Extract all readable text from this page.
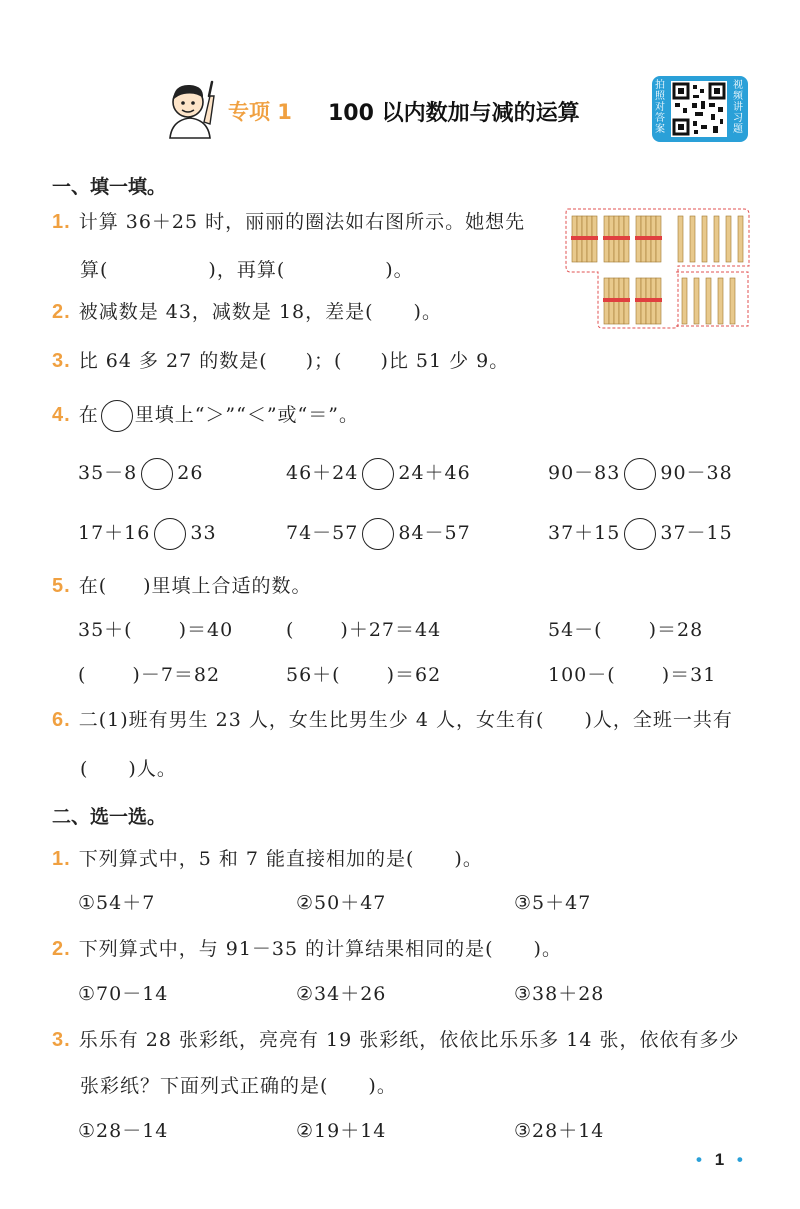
专项 1 100 以内数加与减的运算
拍照对答案
视频讲习题
一、填一填。
1. 计算 36＋25 时，丽丽的圈法如右图所示。她想先
算(	)，再算(	)。
2. 被减数是 43，减数是 18，差是( )。
3. 比 64 多 27 的数是( )；( )比 51 少 9。
4. 在 里填上“＞”“＜”或“＝”。
35－8 26	46＋24 24＋46	90－83 90－38
17＋16 33	74－57 84－57	37＋15 37－15
5. 在( )里填上合适的数。
35＋( )＝40	( )＋27＝44	54－( )＝28
( )－7＝82	56＋( )＝62	100－( )＝31
6. 二(1)班有男生 23 人，女生比男生少 4 人，女生有( )人，全班一共有
( )人。
二、选一选。
1. 下列算式中，5 和 7 能直接相加的是( )。
①54＋7	②50＋47	③5＋47
2. 下列算式中，与 91－35 的计算结果相同的是( )。
①70－14	②34＋26	③38＋28
3. 乐乐有 28 张彩纸，亮亮有 19 张彩纸，依依比乐乐多 14 张，依依有多少
张彩纸？下面列式正确的是( )。
①28－14	②19＋14	③28＋14
• 1 •
